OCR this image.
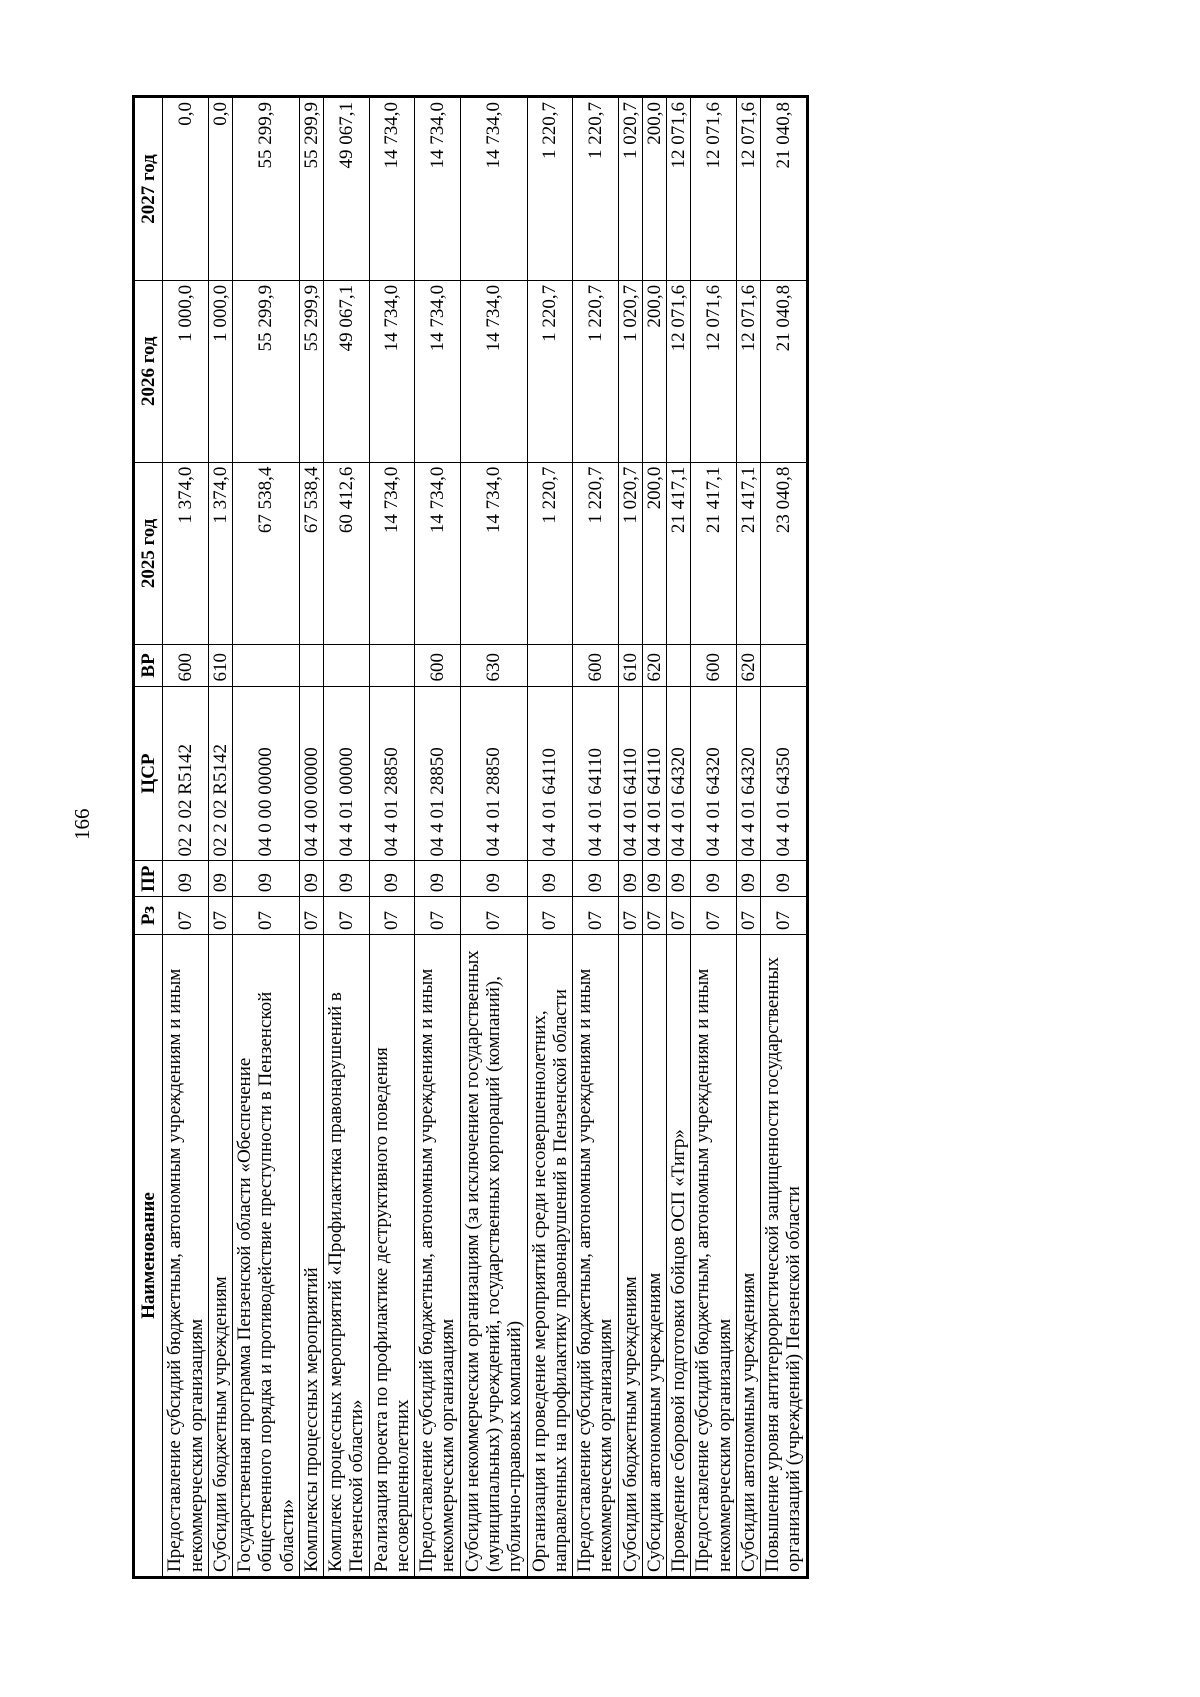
166
Наименование	Рз	ПР	ЦСР	ВР	2025 год	2026 год	2027 год
Предоставление субсидий бюджетным, автономным учреждениям и иным некоммерческим организациям	07	09	02 2 02 R5142	600	1 374,0	1 000,0	0,0
Субсидии бюджетным учреждениям	07	09	02 2 02 R5142	610	1 374,0	1 000,0	0,0
Государственная программа Пензенской области «Обеспечение общественного порядка и противодействие преступности в Пензенской области»	07	09	04 0 00 00000		67 538,4	55 299,9	55 299,9
Комплексы процессных мероприятий	07	09	04 4 00 00000		67 538,4	55 299,9	55 299,9
Комплекс процессных мероприятий «Профилактика правонарушений в Пензенской области»	07	09	04 4 01 00000		60 412,6	49 067,1	49 067,1
Реализация проекта по профилактике деструктивного поведения несовершеннолетних	07	09	04 4 01 28850		14 734,0	14 734,0	14 734,0
Предоставление субсидий бюджетным, автономным учреждениям и иным некоммерческим организациям	07	09	04 4 01 28850	600	14 734,0	14 734,0	14 734,0
Субсидии некоммерческим организациям (за исключением государственных (муниципальных) учреждений, государственных корпораций (компаний), публично-правовых компаний)	07	09	04 4 01 28850	630	14 734,0	14 734,0	14 734,0
Организация и проведение мероприятий среди несовершеннолетних, направленных на профилактику правонарушений в Пензенской области	07	09	04 4 01 64110		1 220,7	1 220,7	1 220,7
Предоставление субсидий бюджетным, автономным учреждениям и иным некоммерческим организациям	07	09	04 4 01 64110	600	1 220,7	1 220,7	1 220,7
Субсидии бюджетным учреждениям	07	09	04 4 01 64110	610	1 020,7	1 020,7	1 020,7
Субсидии автономным учреждениям	07	09	04 4 01 64110	620	200,0	200,0	200,0
Проведение сборовой подготовки бойцов ОСП «Тигр»	07	09	04 4 01 64320		21 417,1	12 071,6	12 071,6
Предоставление субсидий бюджетным, автономным учреждениям и иным некоммерческим организациям	07	09	04 4 01 64320	600	21 417,1	12 071,6	12 071,6
Субсидии автономным учреждениям	07	09	04 4 01 64320	620	21 417,1	12 071,6	12 071,6
Повышение уровня антитеррористической защищенности государственных организаций (учреждений) Пензенской области	07	09	04 4 01 64350		23 040,8	21 040,8	21 040,8
